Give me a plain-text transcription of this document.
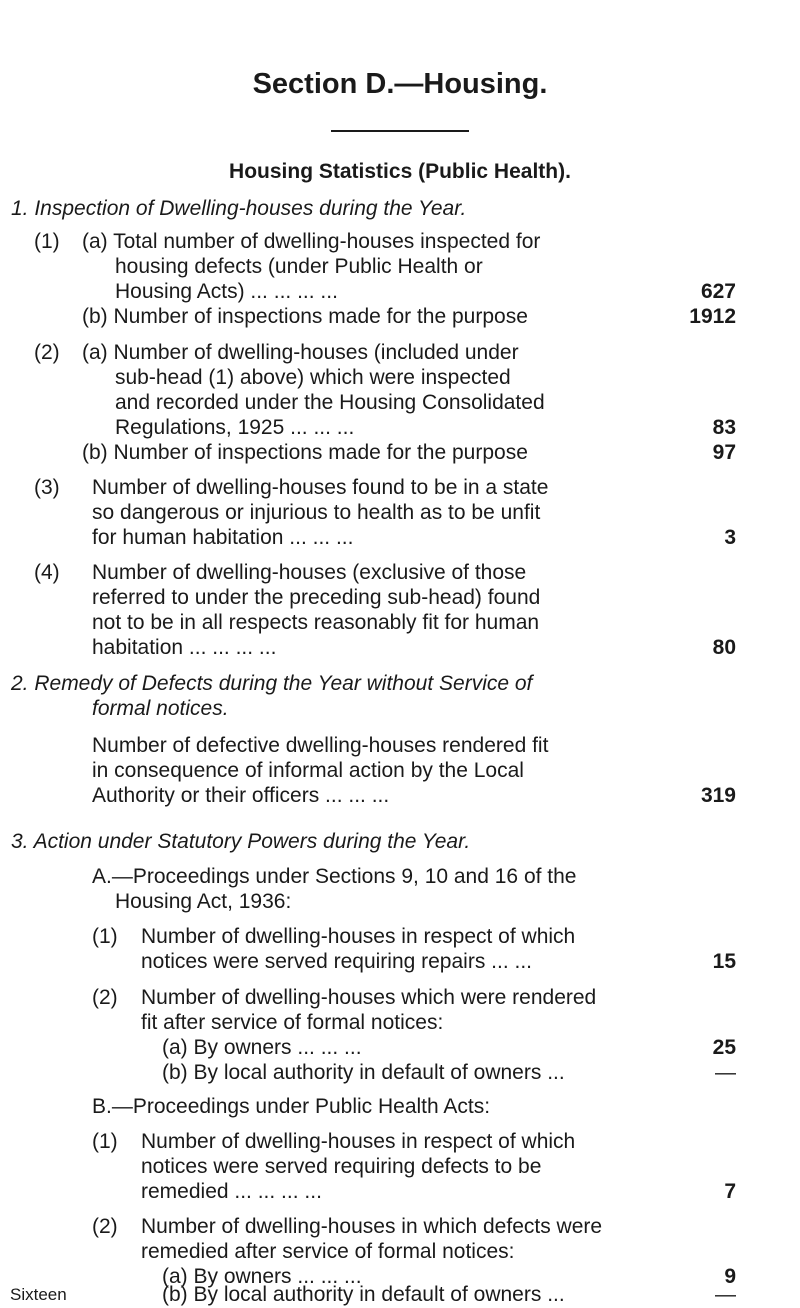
Section D.—Housing.
Housing Statistics (Public Health).
1. Inspection of Dwelling-houses during the Year.
(1) (a) Total number of dwelling-houses inspected for
housing defects (under Public Health or
Housing Acts) ... ... ... ...	627
(b) Number of inspections made for the purpose	1912
(2) (a) Number of dwelling-houses (included under
sub-head (1) above) which were inspected
and recorded under the Housing Consolidated
Regulations, 1925 ... ... ...	83
(b) Number of inspections made for the purpose	97
(3) Number of dwelling-houses found to be in a state
so dangerous or injurious to health as to be unfit
for human habitation ... ... ...	3
(4) Number of dwelling-houses (exclusive of those
referred to under the preceding sub-head) found
not to be in all respects reasonably fit for human
habitation ... ... ... ...	80
2. Remedy of Defects during the Year without Service of
formal notices.
Number of defective dwelling-houses rendered fit
in consequence of informal action by the Local
Authority or their officers ... ... ...	319
3. Action under Statutory Powers during the Year.
A.—Proceedings under Sections 9, 10 and 16 of the
Housing Act, 1936:
(1) Number of dwelling-houses in respect of which
notices were served requiring repairs ... ...	15
(2) Number of dwelling-houses which were rendered
fit after service of formal notices:
(a) By owners ... ... ...	25
(b) By local authority in default of owners ...	—
B.—Proceedings under Public Health Acts:
(1) Number of dwelling-houses in respect of which
notices were served requiring defects to be
remedied ... ... ... ...	7
(2) Number of dwelling-houses in which defects were
remedied after service of formal notices:
(a) By owners ... ... ...	9
(b) By local authority in default of owners ...	—
Sixteen
